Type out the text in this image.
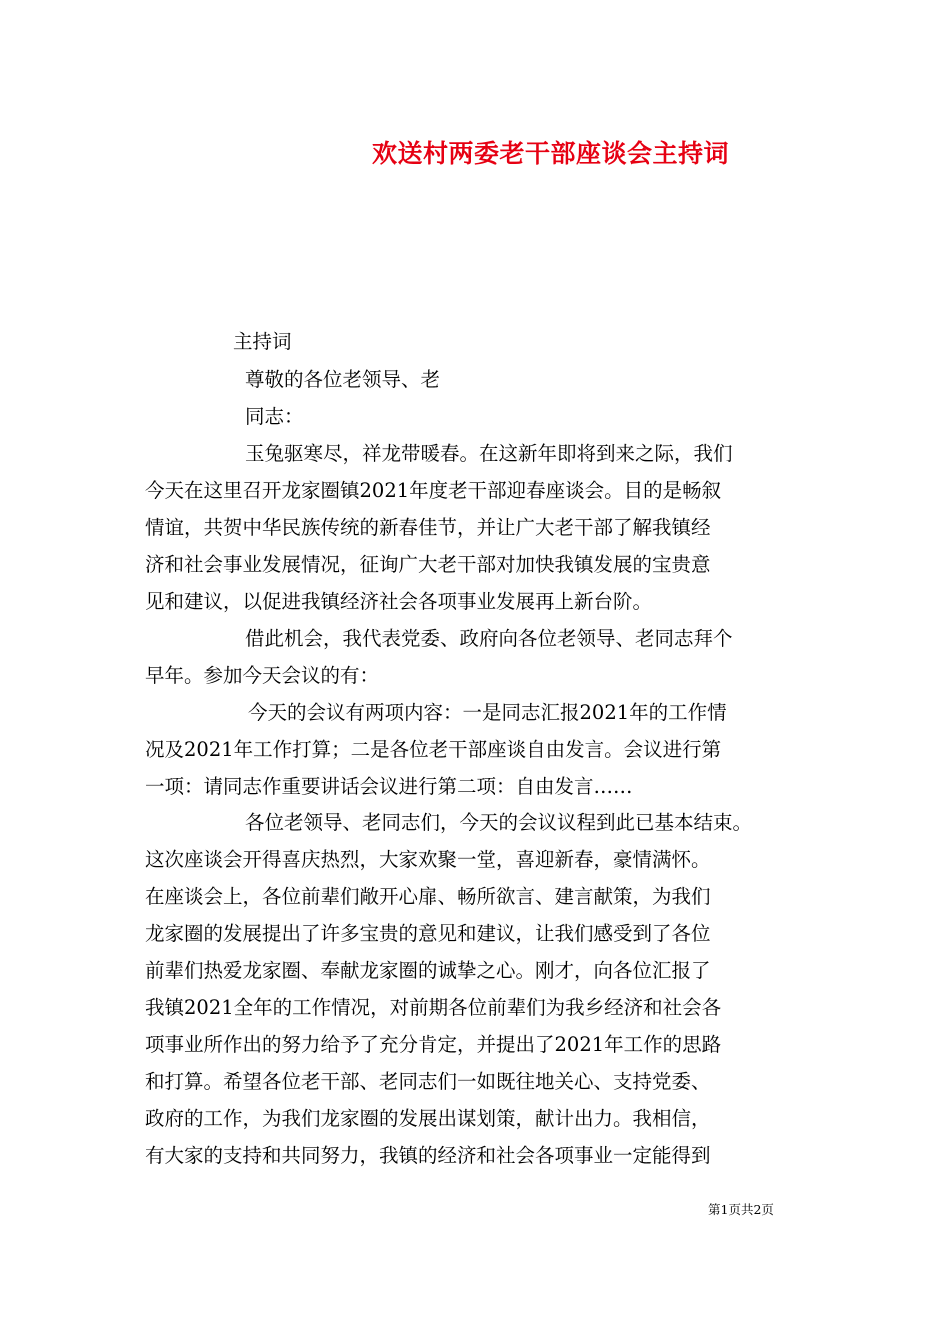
欢送村两委老干部座谈会主持词
主持词
尊敬的各位老领导、老
同志：
玉兔驱寒尽，祥龙带暖春。在这新年即将到来之际，我们
今天在这里召开龙家圈镇2021年度老干部迎春座谈会。目的是畅叙
情谊，共贺中华民族传统的新春佳节，并让广大老干部了解我镇经
济和社会事业发展情况，征询广大老干部对加快我镇发展的宝贵意
见和建议，以促进我镇经济社会各项事业发展再上新台阶。
借此机会，我代表党委、政府向各位老领导、老同志拜个
早年。参加今天会议的有：
今天的会议有两项内容：一是同志汇报2021年的工作情
况及2021年工作打算；二是各位老干部座谈自由发言。会议进行第
一项：请同志作重要讲话会议进行第二项：自由发言……
各位老领导、老同志们，今天的会议议程到此已基本结束。
这次座谈会开得喜庆热烈，大家欢聚一堂，喜迎新春，豪情满怀。
在座谈会上，各位前辈们敞开心扉、畅所欲言、建言献策，为我们
龙家圈的发展提出了许多宝贵的意见和建议，让我们感受到了各位
前辈们热爱龙家圈、奉献龙家圈的诚挚之心。刚才，向各位汇报了
我镇2021全年的工作情况，对前期各位前辈们为我乡经济和社会各
项事业所作出的努力给予了充分肯定，并提出了2021年工作的思路
和打算。希望各位老干部、老同志们一如既往地关心、支持党委、
政府的工作，为我们龙家圈的发展出谋划策，献计出力。我相信，
有大家的支持和共同努力，我镇的经济和社会各项事业一定能得到
第1页共2页
